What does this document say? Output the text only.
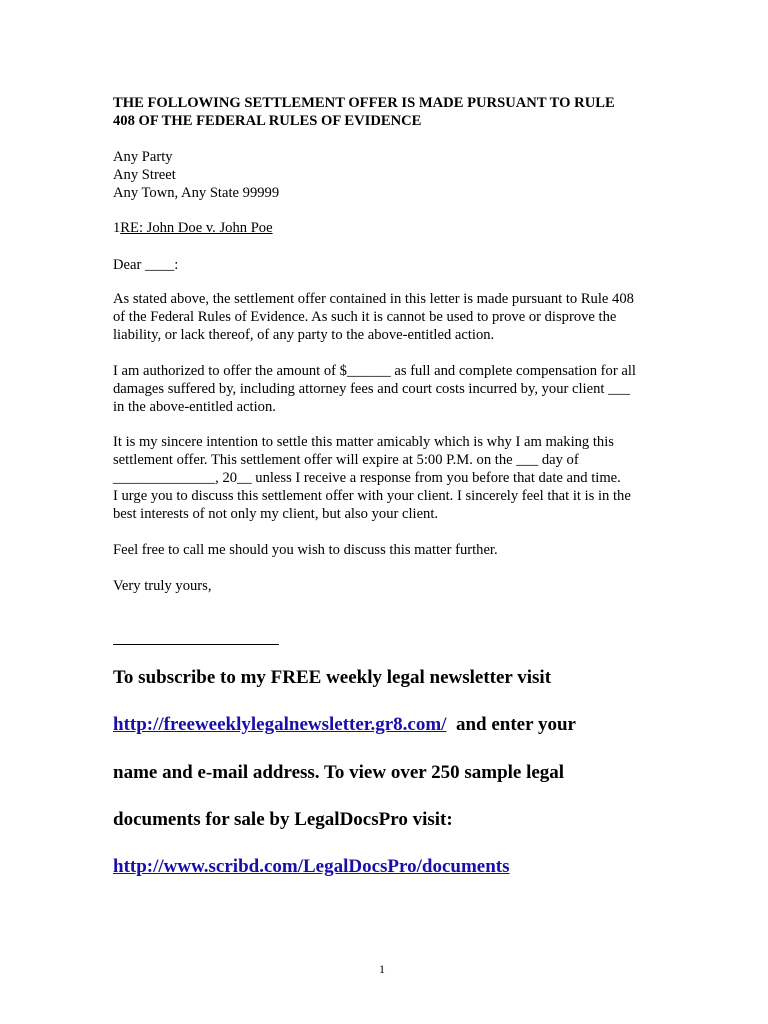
THE FOLLOWING SETTLEMENT OFFER IS MADE PURSUANT TO RULE
408 OF THE FEDERAL RULES OF EVIDENCE
Any Party
Any Street
Any Town, Any State 99999
1RE: John Doe v. John Poe
Dear ____:
As stated above, the settlement offer contained in this letter is made pursuant to Rule 408
of the Federal Rules of Evidence. As such it is cannot be used to prove or disprove the
liability, or lack thereof, of any party to the above-entitled action.
I am authorized to offer the amount of $______ as full and complete compensation for all
damages suffered by, including attorney fees and court costs incurred by, your client ___
in the above-entitled action.
It is my sincere intention to settle this matter amicably which is why I am making this
settlement offer. This settlement offer will expire at 5:00 P.M. on the ___ day of
______________, 20__ unless I receive a response from you before that date and time.
I urge you to discuss this settlement offer with your client. I sincerely feel that it is in the
best interests of not only my client, but also your client.
Feel free to call me should you wish to discuss this matter further.
Very truly yours,
To subscribe to my FREE weekly legal newsletter visit
http://freeweeklylegalnewsletter.gr8.com/ and enter your
name and e-mail address. To view over 250 sample legal
documents for sale by LegalDocsPro visit:
http://www.scribd.com/LegalDocsPro/documents
1
